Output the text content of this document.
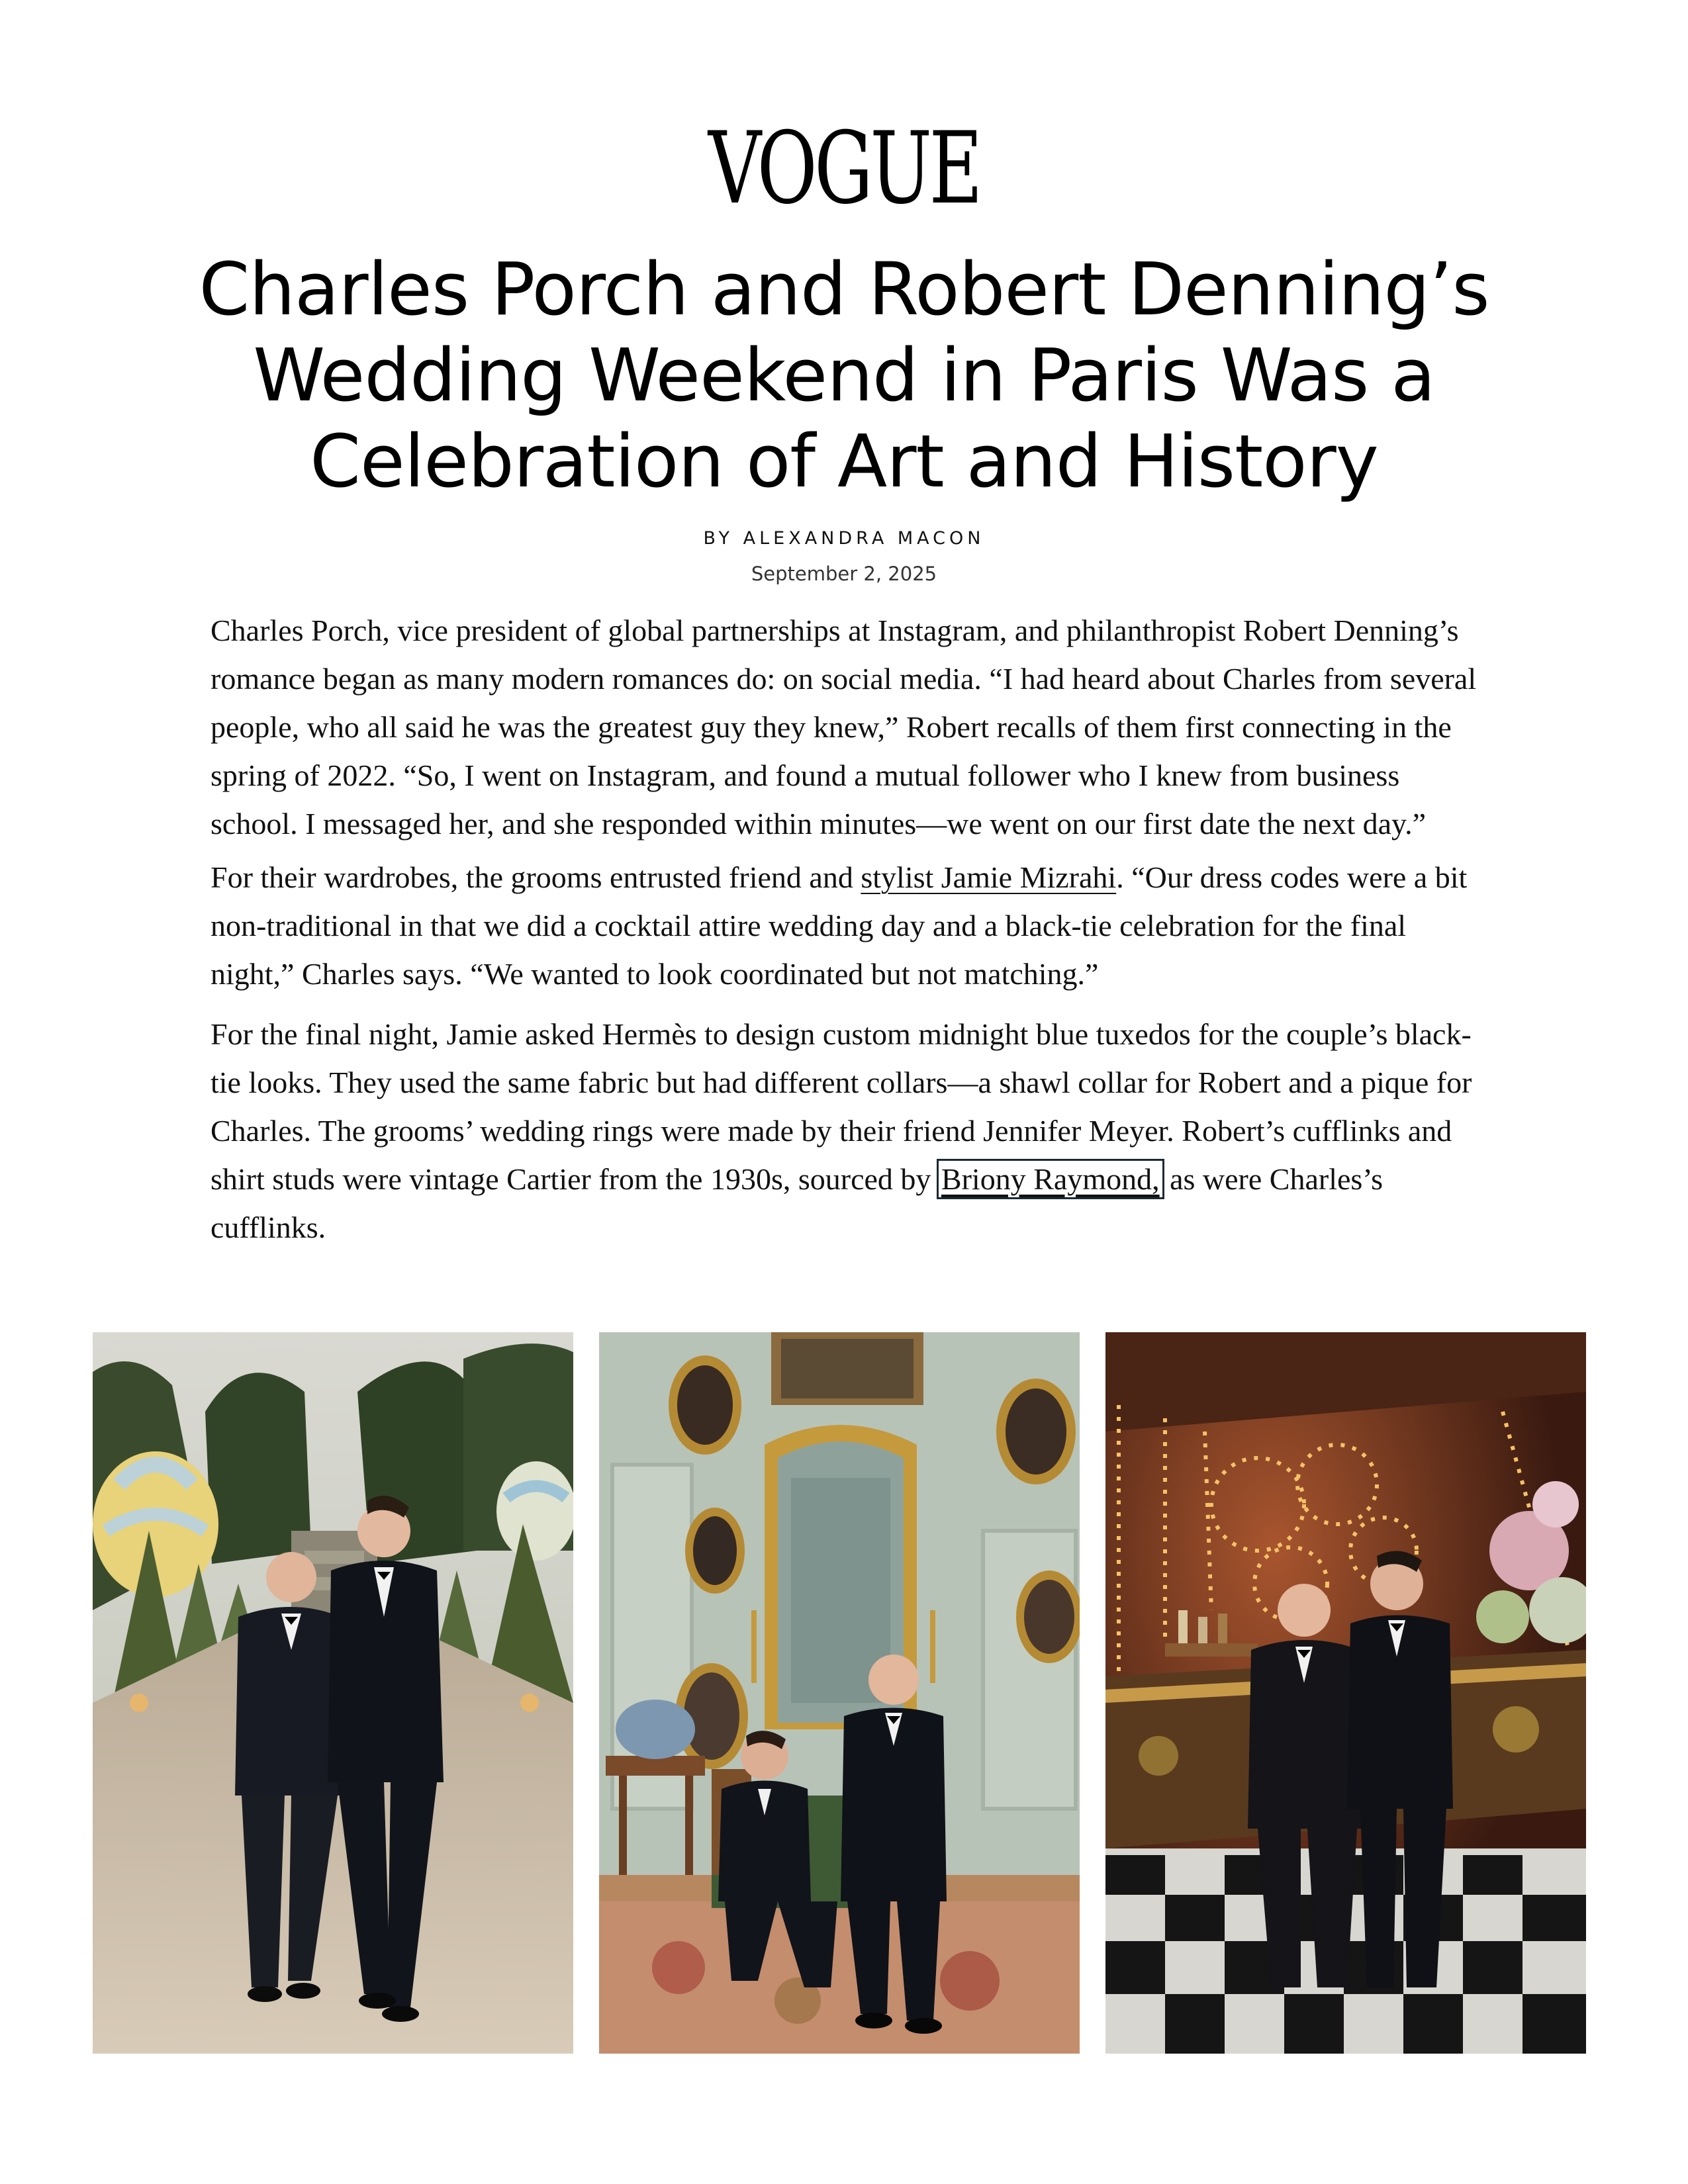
VOGUE
Charles Porch and Robert Denning’s Wedding Weekend in Paris Was a Celebration of Art and History
BY ALEXANDRA MACON
September 2, 2025

Charles Porch, vice president of global partnerships at Instagram, and philanthropist Robert Denning’s romance began as many modern romances do: on social media. “I had heard about Charles from several people, who all said he was the greatest guy they knew,” Robert recalls of them first connecting in the spring of 2022. “So, I went on Instagram, and found a mutual follower who I knew from business school. I messaged her, and she responded within minutes—we went on our first date the next day.”

For their wardrobes, the grooms entrusted friend and stylist Jamie Mizrahi. “Our dress codes were a bit non-traditional in that we did a cocktail attire wedding day and a black-tie celebration for the final night,” Charles says. “We wanted to look coordinated but not matching.”

For the final night, Jamie asked Hermès to design custom midnight blue tuxedos for the couple’s black-tie looks. They used the same fabric but had different collars—a shawl collar for Robert and a pique for Charles. The grooms’ wedding rings were made by their friend Jennifer Meyer. Robert’s cufflinks and shirt studs were vintage Cartier from the 1930s, sourced by Briony Raymond, as were Charles’s cufflinks.
